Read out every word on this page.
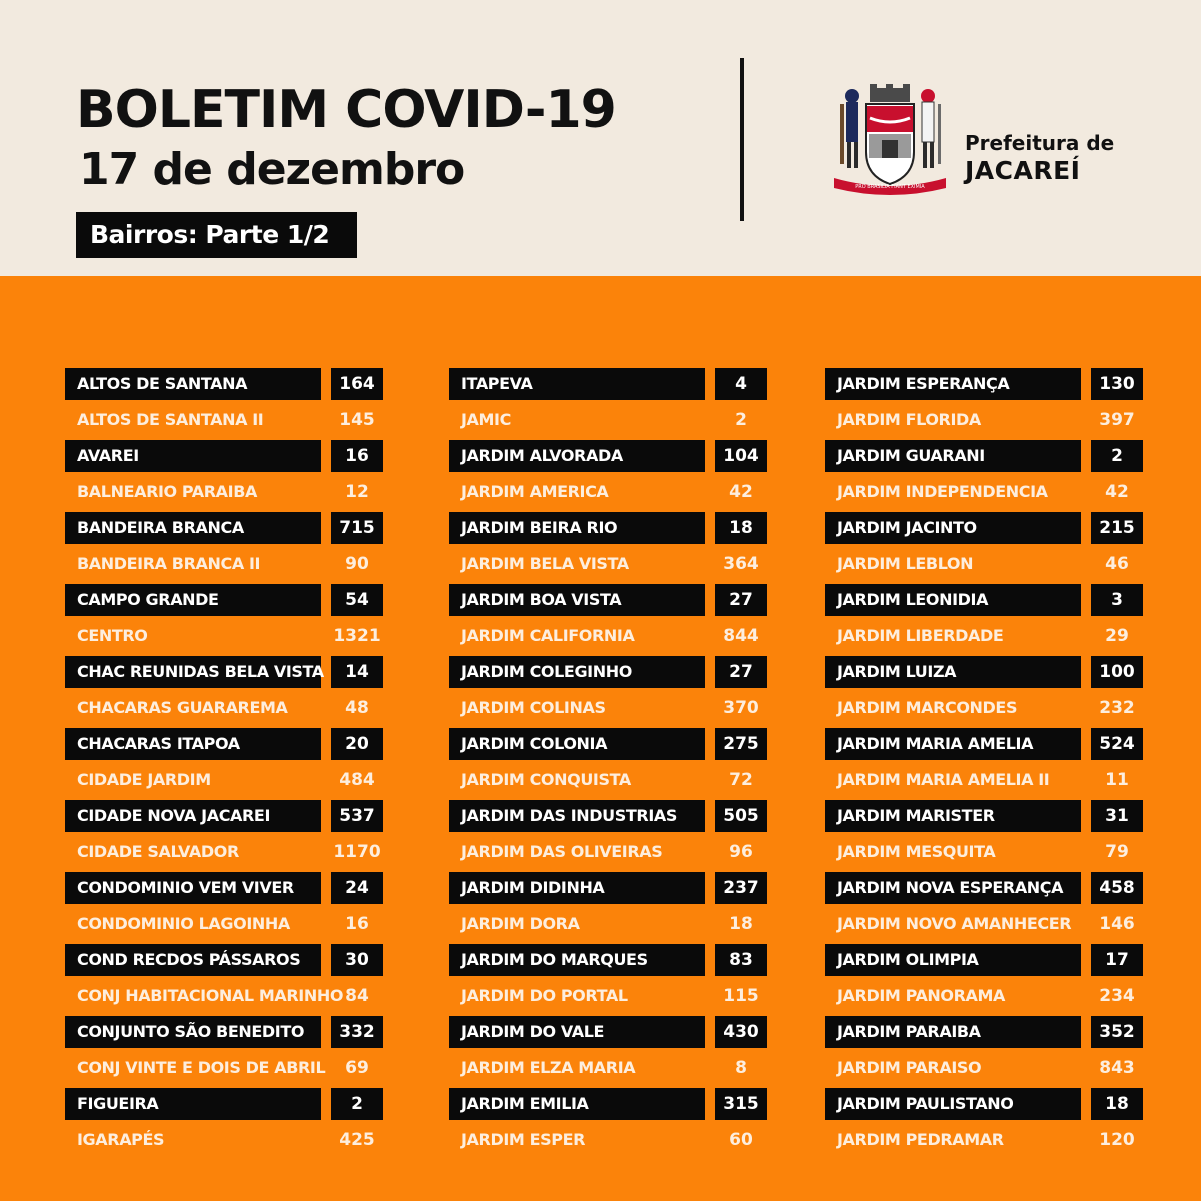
BOLETIM COVID-19
17 de dezembro
Bairros: Parte 1/2
PRO BRASILIA FIANT EXIMIA
Prefeitura de
JACAREÍ
ALTOS DE SANTANA	164
ALTOS DE SANTANA II	145
AVAREI	16
BALNEARIO PARAIBA	12
BANDEIRA BRANCA	715
BANDEIRA BRANCA II	90
CAMPO GRANDE	54
CENTRO	1321
CHAC REUNIDAS BELA VISTA	14
CHACARAS GUARAREMA	48
CHACARAS ITAPOA	20
CIDADE JARDIM	484
CIDADE NOVA JACAREI	537
CIDADE SALVADOR	1170
CONDOMINIO VEM VIVER	24
CONDOMINIO LAGOINHA	16
COND RECDOS PÁSSAROS	30
CONJ HABITACIONAL MARINHO 84
CONJUNTO SÃO BENEDITO	332
CONJ VINTE E DOIS DE ABRIL	69
FIGUEIRA	2
IGARAPÉS	425
ITAPEVA	4
JAMIC	2
JARDIM ALVORADA	104
JARDIM AMERICA	42
JARDIM BEIRA RIO	18
JARDIM BELA VISTA	364
JARDIM BOA VISTA	27
JARDIM CALIFORNIA	844
JARDIM COLEGINHO	27
JARDIM COLINAS	370
JARDIM COLONIA	275
JARDIM CONQUISTA	72
JARDIM DAS INDUSTRIAS	505
JARDIM DAS OLIVEIRAS	96
JARDIM DIDINHA	237
JARDIM DORA	18
JARDIM DO MARQUES	83
JARDIM DO PORTAL	115
JARDIM DO VALE	430
JARDIM ELZA MARIA	8
JARDIM EMILIA	315
JARDIM ESPER	60
JARDIM ESPERANÇA	130
JARDIM FLORIDA	397
JARDIM GUARANI	2
JARDIM INDEPENDENCIA	42
JARDIM JACINTO	215
JARDIM LEBLON	46
JARDIM LEONIDIA	3
JARDIM LIBERDADE	29
JARDIM LUIZA	100
JARDIM MARCONDES	232
JARDIM MARIA AMELIA	524
JARDIM MARIA AMELIA II	11
JARDIM MARISTER	31
JARDIM MESQUITA	79
JARDIM NOVA ESPERANÇA	458
JARDIM NOVO AMANHECER	146
JARDIM OLIMPIA	17
JARDIM PANORAMA	234
JARDIM PARAIBA	352
JARDIM PARAISO	843
JARDIM PAULISTANO	18
JARDIM PEDRAMAR	120
